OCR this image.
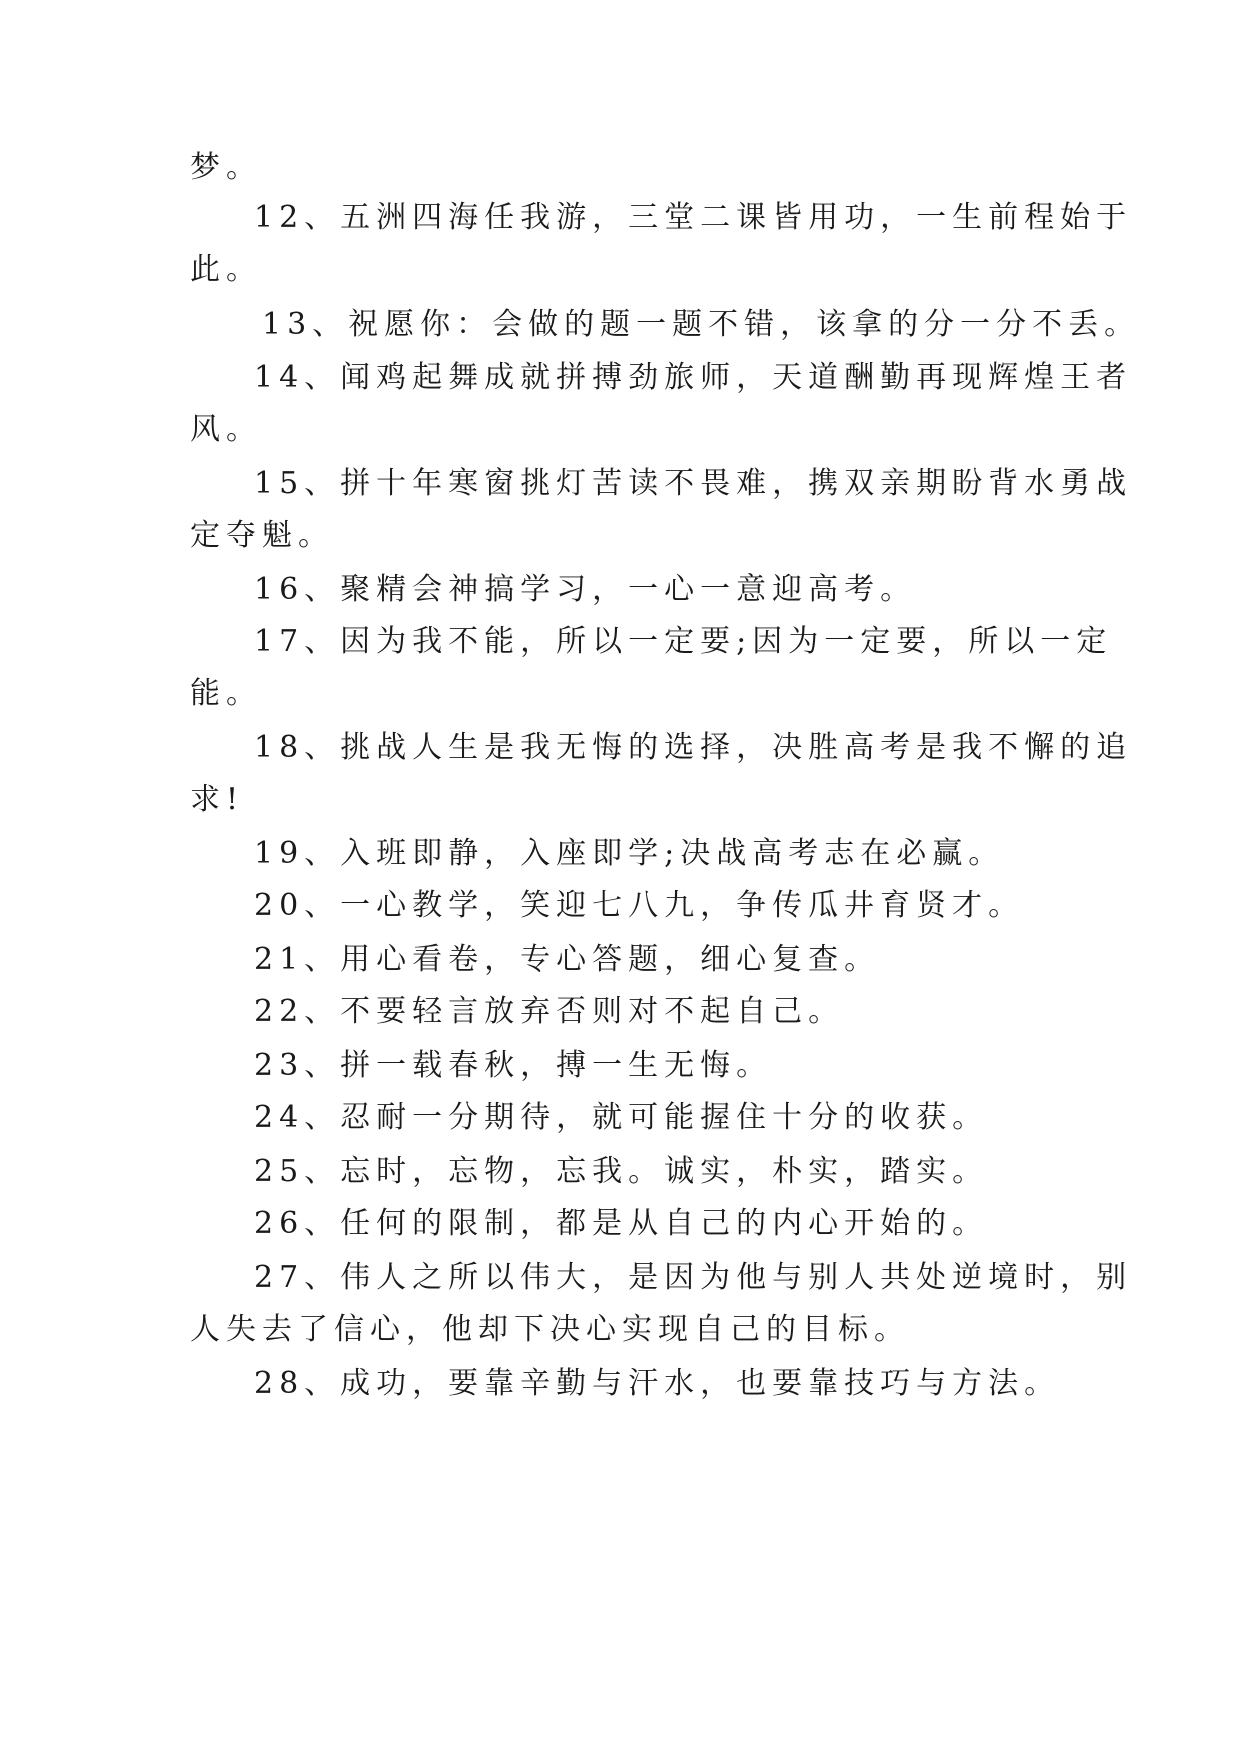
梦。
12、五洲四海任我游，三堂二课皆用功，一生前程始于
此。
13、祝愿你：会做的题一题不错，该拿的分一分不丢。
14、闻鸡起舞成就拼搏劲旅师，天道酬勤再现辉煌王者
风。
15、拼十年寒窗挑灯苦读不畏难，携双亲期盼背水勇战
定夺魁。
16、聚精会神搞学习，一心一意迎高考。
17、因为我不能，所以一定要;因为一定要，所以一定
能。
18、挑战人生是我无悔的选择，决胜高考是我不懈的追
求!
19、入班即静，入座即学;决战高考志在必赢。
20、一心教学，笑迎七八九，争传瓜井育贤才。
21、用心看卷，专心答题，细心复查。
22、不要轻言放弃否则对不起自己。
23、拼一载春秋，搏一生无悔。
24、忍耐一分期待，就可能握住十分的收获。
25、忘时，忘物，忘我。诚实，朴实，踏实。
26、任何的限制，都是从自己的内心开始的。
27、伟人之所以伟大，是因为他与别人共处逆境时，别
人失去了信心，他却下决心实现自己的目标。
28、成功，要靠辛勤与汗水，也要靠技巧与方法。
